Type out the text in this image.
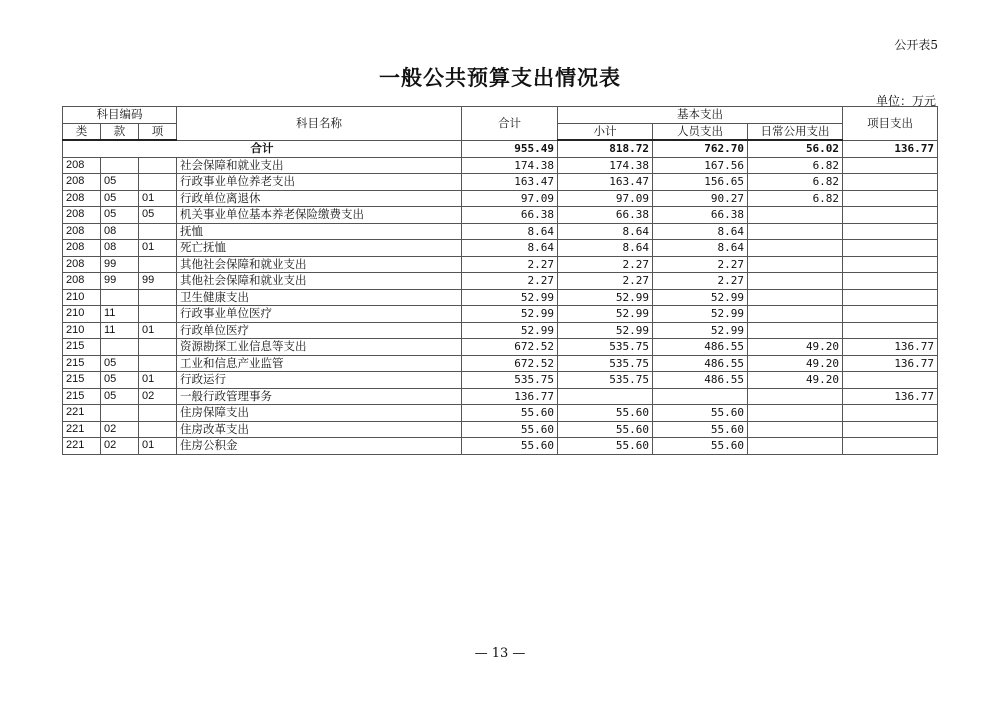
公开表5
一般公共预算支出情况表
单位：万元
科目编码			科目名称	合计	基本支出			项目支出
类	款	项			小计	人员支出	日常公用支出	
合计				955.49	818.72	762.70	56.02	136.77
208			社会保障和就业支出	174.38	174.38	167.56	6.82	
208	05		行政事业单位养老支出	163.47	163.47	156.65	6.82	
208	05	01	行政单位离退休	97.09	97.09	90.27	6.82	
208	05	05	机关事业单位基本养老保险缴费支出	66.38	66.38	66.38		
208	08		抚恤	8.64	8.64	8.64		
208	08	01	死亡抚恤	8.64	8.64	8.64		
208	99		其他社会保障和就业支出	2.27	2.27	2.27		
208	99	99	其他社会保障和就业支出	2.27	2.27	2.27		
210			卫生健康支出	52.99	52.99	52.99		
210	11		行政事业单位医疗	52.99	52.99	52.99		
210	11	01	行政单位医疗	52.99	52.99	52.99		
215			资源勘探工业信息等支出	672.52	535.75	486.55	49.20	136.77
215	05		工业和信息产业监管	672.52	535.75	486.55	49.20	136.77
215	05	01	行政运行	535.75	535.75	486.55	49.20	
215	05	02	一般行政管理事务	136.77				136.77
221			住房保障支出	55.60	55.60	55.60		
221	02		住房改革支出	55.60	55.60	55.60		
221	02	01	住房公积金	55.60	55.60	55.60		
— 13 —
